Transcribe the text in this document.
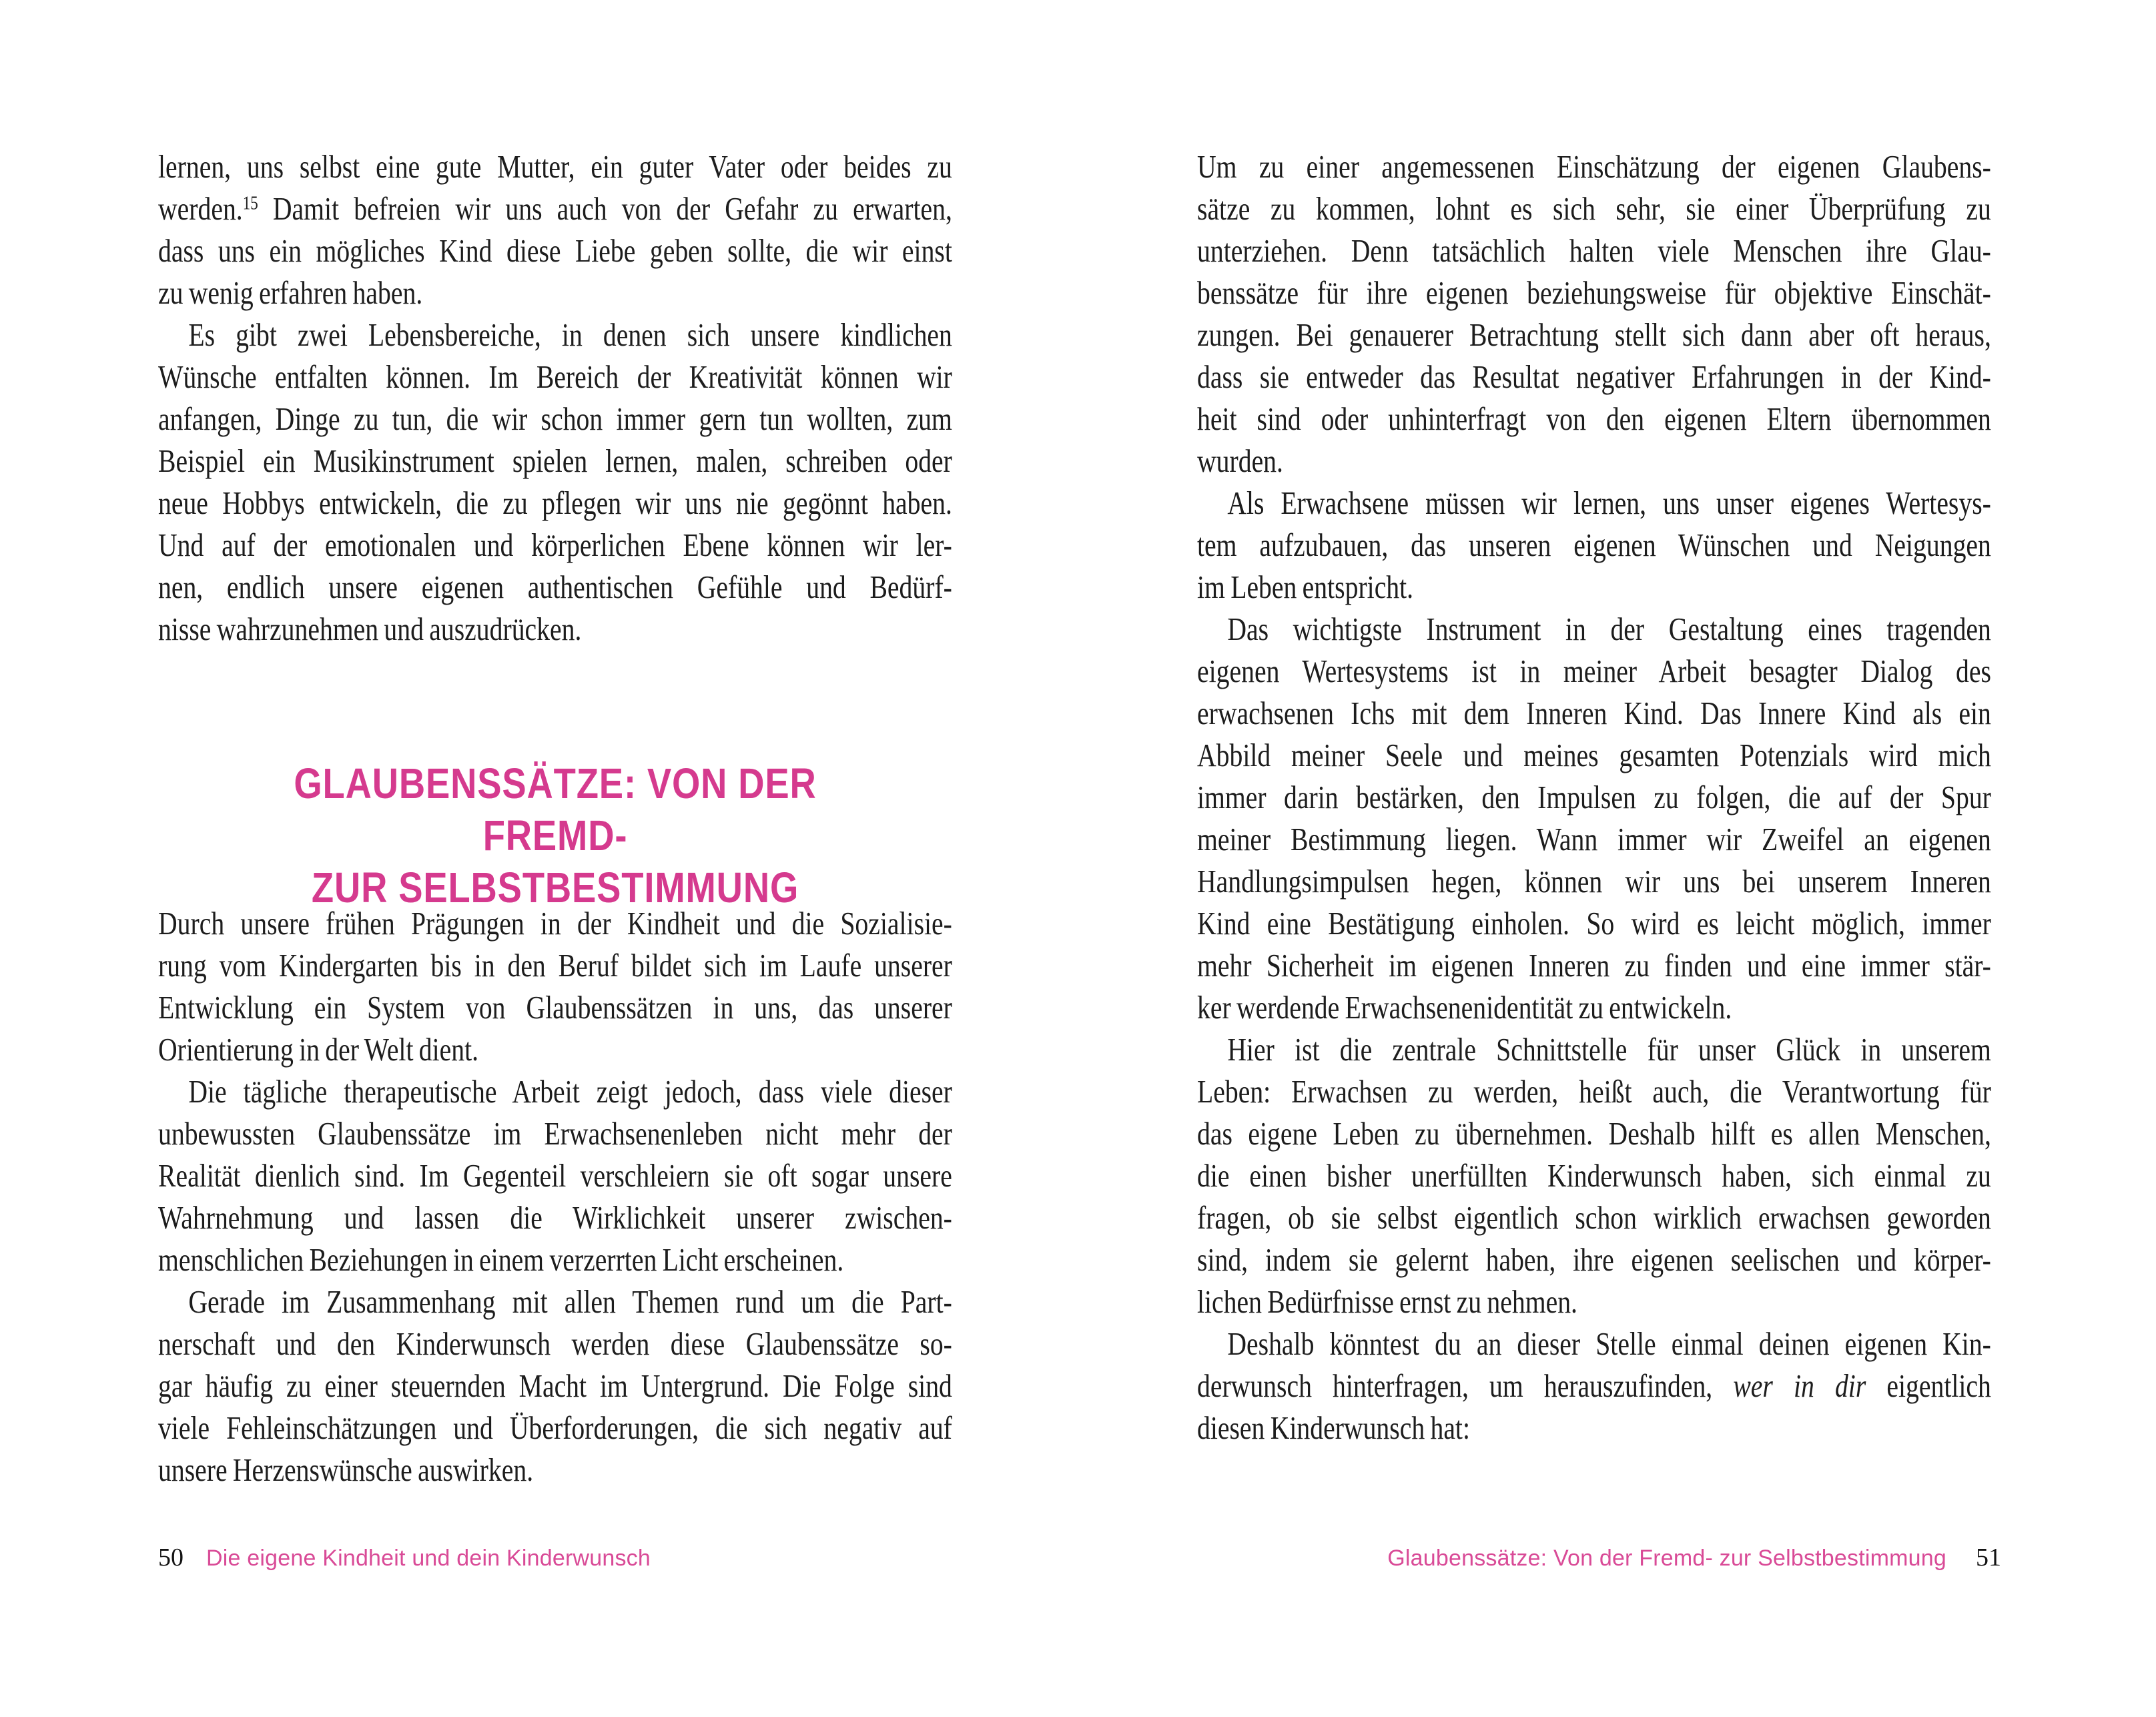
lernen, uns selbst eine gute Mutter, ein guter Vater oder beides zu
werden.$^{15}$ Damit befreien wir uns auch von der Gefahr zu erwarten,
dass uns ein mögliches Kind diese Liebe geben sollte, die wir einst
zu wenig erfahren haben.
Es gibt zwei Lebensbereiche, in denen sich unsere kindlichen
Wünsche entfalten können. Im Bereich der Kreativität können wir
anfangen, Dinge zu tun, die wir schon immer gern tun wollten, zum
Beispiel ein Musikinstrument spielen lernen, malen, schreiben oder
neue Hobbys entwickeln, die zu pflegen wir uns nie gegönnt haben.
Und auf der emotionalen und körperlichen Ebene können wir ler-
nen, endlich unsere eigenen authentischen Gefühle und Bedürf-
nisse wahrzunehmen und auszudrücken.
GLAUBENSSÄTZE: VON DER FREMD-
ZUR SELBSTBESTIMMUNG
Durch unsere frühen Prägungen in der Kindheit und die Sozialisie-
rung vom Kindergarten bis in den Beruf bildet sich im Laufe unserer
Entwicklung ein System von Glaubenssätzen in uns, das unserer
Orientierung in der Welt dient.
Die tägliche therapeutische Arbeit zeigt jedoch, dass viele dieser
unbewussten Glaubenssätze im Erwachsenenleben nicht mehr der
Realität dienlich sind. Im Gegenteil verschleiern sie oft sogar unsere
Wahrnehmung und lassen die Wirklichkeit unserer zwischen-
menschlichen Beziehungen in einem verzerrten Licht erscheinen.
Gerade im Zusammenhang mit allen Themen rund um die Part-
nerschaft und den Kinderwunsch werden diese Glaubenssätze so-
gar häufig zu einer steuernden Macht im Untergrund. Die Folge sind
viele Fehleinschätzungen und Überforderungen, die sich negativ auf
unsere Herzenswünsche auswirken.
50 Die eigene Kindheit und dein Kinderwunsch
Um zu einer angemessenen Einschätzung der eigenen Glaubens-
sätze zu kommen, lohnt es sich sehr, sie einer Überprüfung zu
unterziehen. Denn tatsächlich halten viele Menschen ihre Glau-
benssätze für ihre eigenen beziehungsweise für objektive Einschät-
zungen. Bei genauerer Betrachtung stellt sich dann aber oft heraus,
dass sie entweder das Resultat negativer Erfahrungen in der Kind-
heit sind oder unhinterfragt von den eigenen Eltern übernommen
wurden.
Als Erwachsene müssen wir lernen, uns unser eigenes Wertesys-
tem aufzubauen, das unseren eigenen Wünschen und Neigungen
im Leben entspricht.
Das wichtigste Instrument in der Gestaltung eines tragenden
eigenen Wertesystems ist in meiner Arbeit besagter Dialog des
erwachsenen Ichs mit dem Inneren Kind. Das Innere Kind als ein
Abbild meiner Seele und meines gesamten Potenzials wird mich
immer darin bestärken, den Impulsen zu folgen, die auf der Spur
meiner Bestimmung liegen. Wann immer wir Zweifel an eigenen
Handlungsimpulsen hegen, können wir uns bei unserem Inneren
Kind eine Bestätigung einholen. So wird es leicht möglich, immer
mehr Sicherheit im eigenen Inneren zu finden und eine immer stär-
ker werdende Erwachsenenidentität zu entwickeln.
Hier ist die zentrale Schnittstelle für unser Glück in unserem
Leben: Erwachsen zu werden, heißt auch, die Verantwortung für
das eigene Leben zu übernehmen. Deshalb hilft es allen Menschen,
die einen bisher unerfüllten Kinderwunsch haben, sich einmal zu
fragen, ob sie selbst eigentlich schon wirklich erwachsen geworden
sind, indem sie gelernt haben, ihre eigenen seelischen und körper-
lichen Bedürfnisse ernst zu nehmen.
Deshalb könntest du an dieser Stelle einmal deinen eigenen Kin-
derwunsch hinterfragen, um herauszufinden, wer in dir eigentlich
diesen Kinderwunsch hat:
Glaubenssätze: Von der Fremd- zur Selbstbestimmung 51
